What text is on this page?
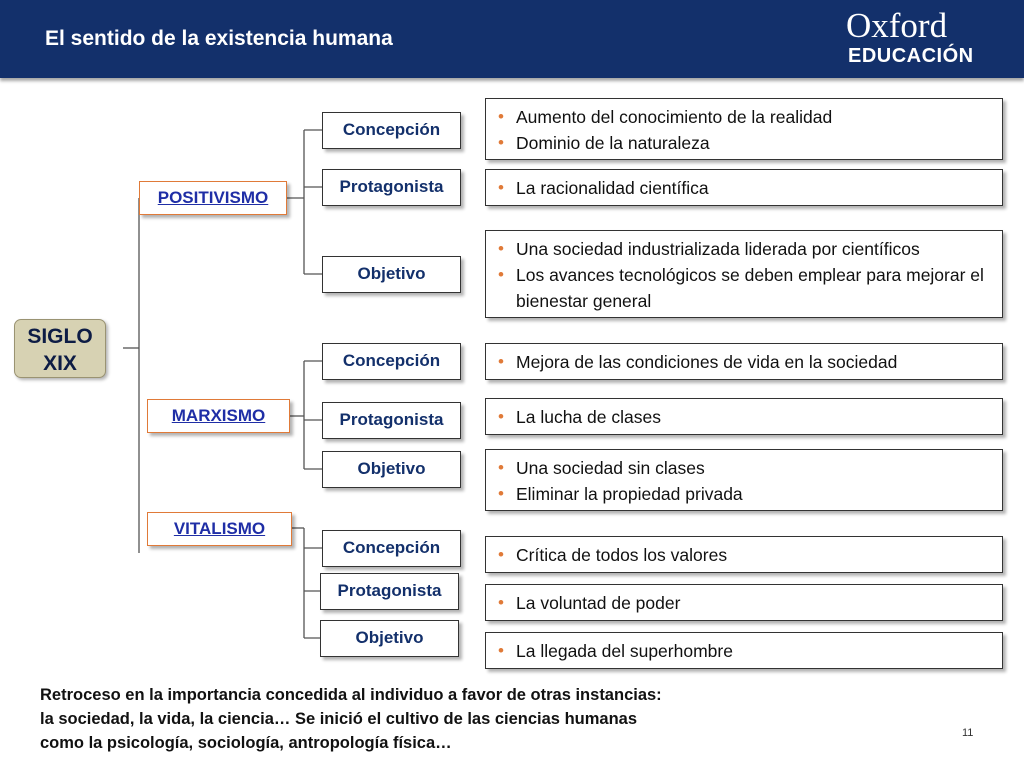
El sentido de la existencia humana	Oxford
EDUCACIÓN
SIGLO
XIX
POSITIVISMO
MARXISMO
VITALISMO
Concepción
Protagonista
Objetivo
• Aumento del conocimiento de la realidad
• Dominio de la naturaleza
• La racionalidad científica
• Una sociedad industrializada liderada por científicos
• Los avances tecnológicos se deben emplear para mejorar el bienestar general
Concepción
Protagonista
Objetivo
• Mejora de las condiciones de vida en la sociedad
• La lucha de clases
• Una sociedad sin clases
• Eliminar la propiedad privada
Concepción
Protagonista
Objetivo
• Crítica de todos los valores
• La voluntad de poder
• La llegada del superhombre
Retroceso en la importancia concedida al individuo a favor de otras instancias: la sociedad, la vida, la ciencia… Se inició el cultivo de las ciencias humanas como la psicología, sociología, antropología física…
11
